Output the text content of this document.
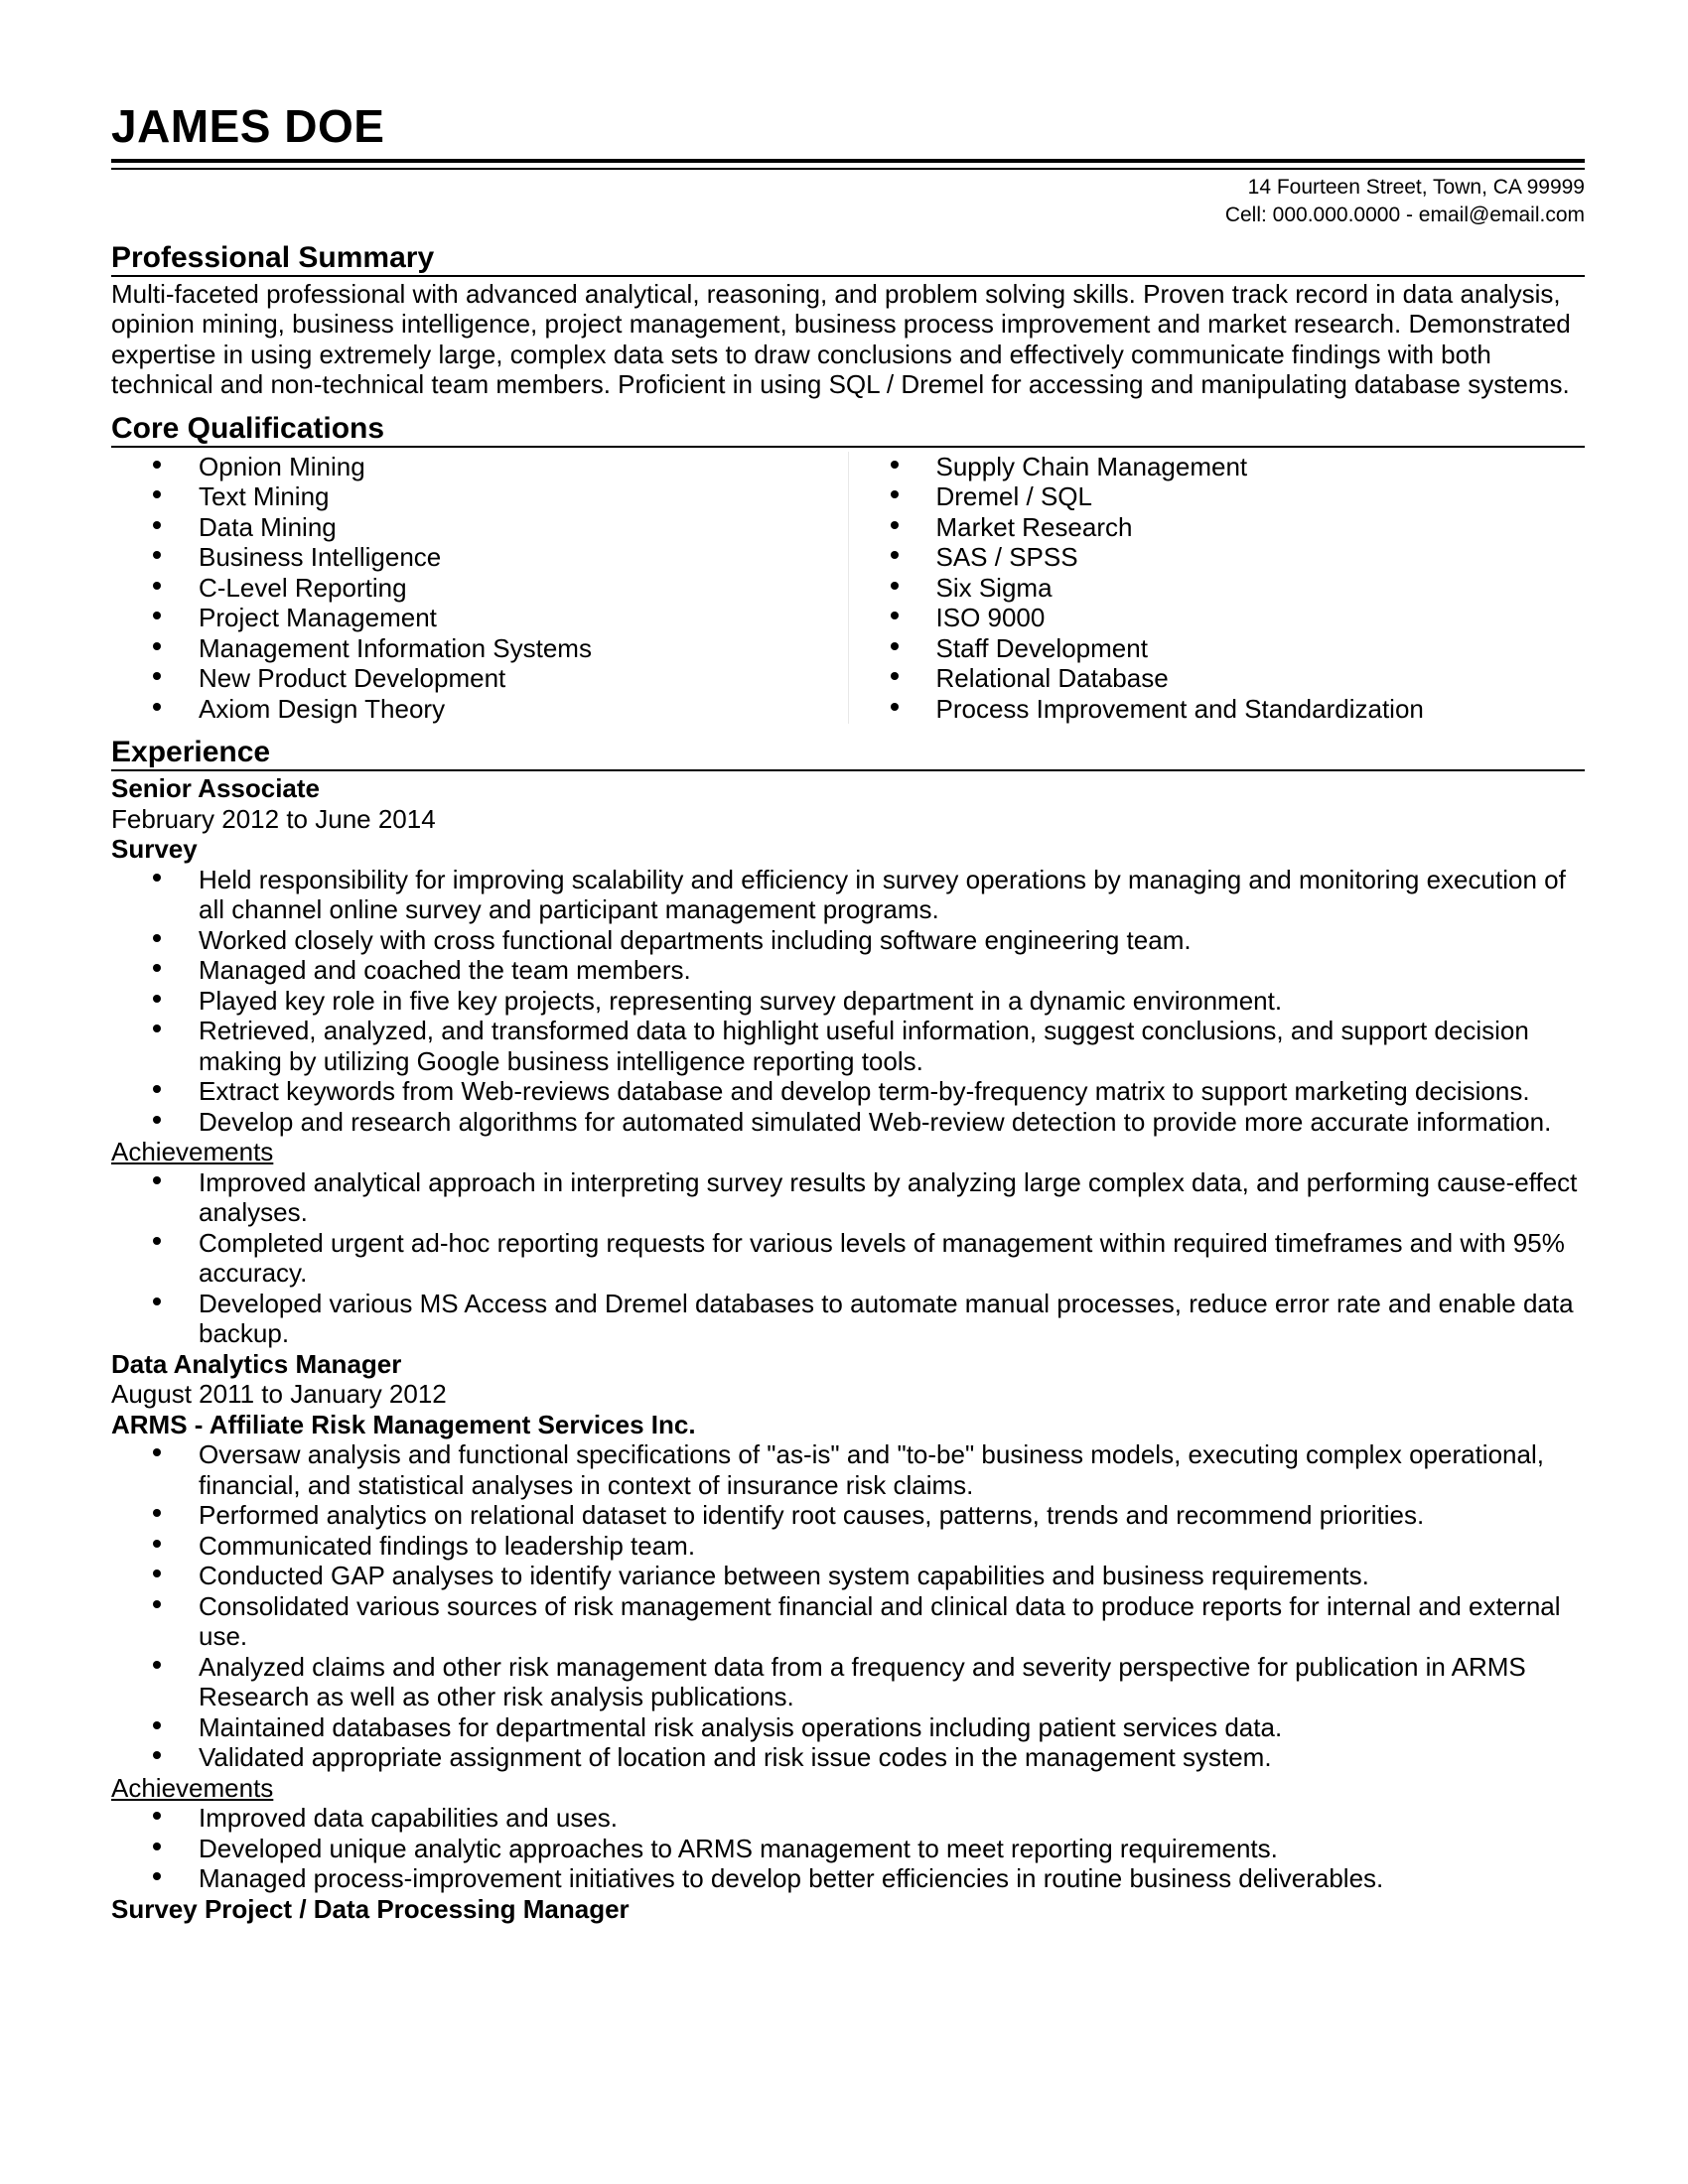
JAMES DOE
14 Fourteen Street, Town, CA 99999
Cell: 000.000.0000 - email@email.com
Professional Summary
Multi-faceted professional with advanced analytical, reasoning, and problem solving skills. Proven track record in data analysis, opinion mining, business intelligence, project management, business process improvement and market research. Demonstrated expertise in using extremely large, complex data sets to draw conclusions and effectively communicate findings with both technical and non-technical team members. Proficient in using SQL / Dremel for accessing and manipulating database systems.
Core Qualifications
Opnion Mining
Text Mining
Data Mining
Business Intelligence
C-Level Reporting
Project Management
Management Information Systems
New Product Development
Axiom Design Theory
Supply Chain Management
Dremel / SQL
Market Research
SAS / SPSS
Six Sigma
ISO 9000
Staff Development
Relational Database
Process Improvement and Standardization
Experience
Senior Associate
February 2012 to June 2014
Survey
Held responsibility for improving scalability and efficiency in survey operations by managing and monitoring execution of all channel online survey and participant management programs.
Worked closely with cross functional departments including software engineering team.
Managed and coached the team members.
Played key role in five key projects, representing survey department in a dynamic environment.
Retrieved, analyzed, and transformed data to highlight useful information, suggest conclusions, and support decision making by utilizing Google business intelligence reporting tools.
Extract keywords from Web-reviews database and develop term-by-frequency matrix to support marketing decisions.
Develop and research algorithms for automated simulated Web-review detection to provide more accurate information.
Achievements
Improved analytical approach in interpreting survey results by analyzing large complex data, and performing cause-effect analyses.
Completed urgent ad-hoc reporting requests for various levels of management within required timeframes and with 95% accuracy.
Developed various MS Access and Dremel databases to automate manual processes, reduce error rate and enable data backup.
Data Analytics Manager
August 2011 to January 2012
ARMS - Affiliate Risk Management Services Inc.
Oversaw analysis and functional specifications of "as-is" and "to-be" business models, executing complex operational, financial, and statistical analyses in context of insurance risk claims.
Performed analytics on relational dataset to identify root causes, patterns, trends and recommend priorities.
Communicated findings to leadership team.
Conducted GAP analyses to identify variance between system capabilities and business requirements.
Consolidated various sources of risk management financial and clinical data to produce reports for internal and external use.
Analyzed claims and other risk management data from a frequency and severity perspective for publication in ARMS Research as well as other risk analysis publications.
Maintained databases for departmental risk analysis operations including patient services data.
Validated appropriate assignment of location and risk issue codes in the management system.
Achievements
Improved data capabilities and uses.
Developed unique analytic approaches to ARMS management to meet reporting requirements.
Managed process-improvement initiatives to develop better efficiencies in routine business deliverables.
Survey Project / Data Processing Manager
